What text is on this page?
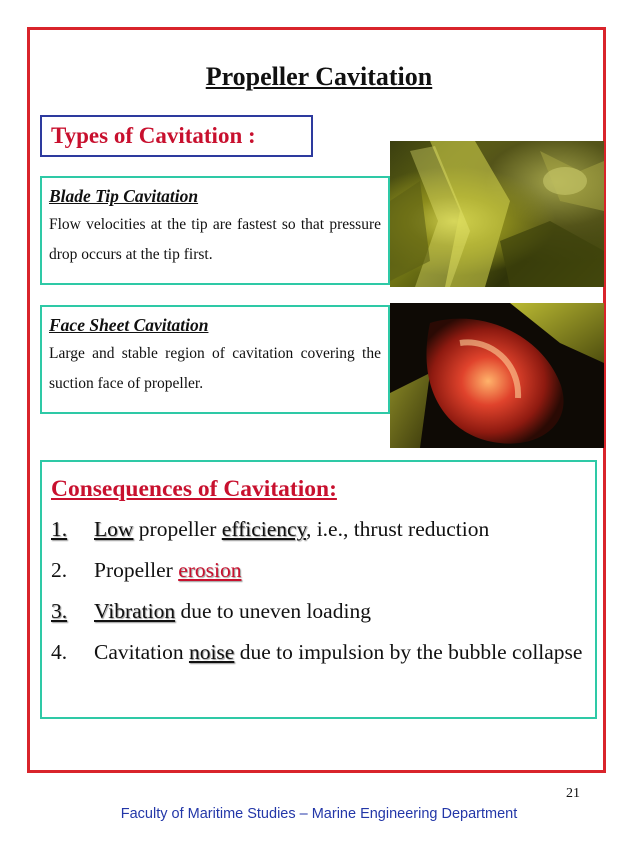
Propeller Cavitation
Types of Cavitation :
Blade Tip Cavitation
Flow velocities at the tip are fastest so that pressure drop occurs at the tip first.
Face Sheet Cavitation
Large and stable region of cavitation covering the suction face of propeller.
Consequences of Cavitation:
1.	Low propeller efficiency, i.e., thrust reduction
2.	Propeller erosion
3.	Vibration due to uneven loading
4.	Cavitation noise due to impulsion by the bubble collapse
21
Faculty of Maritime Studies – Marine Engineering Department
